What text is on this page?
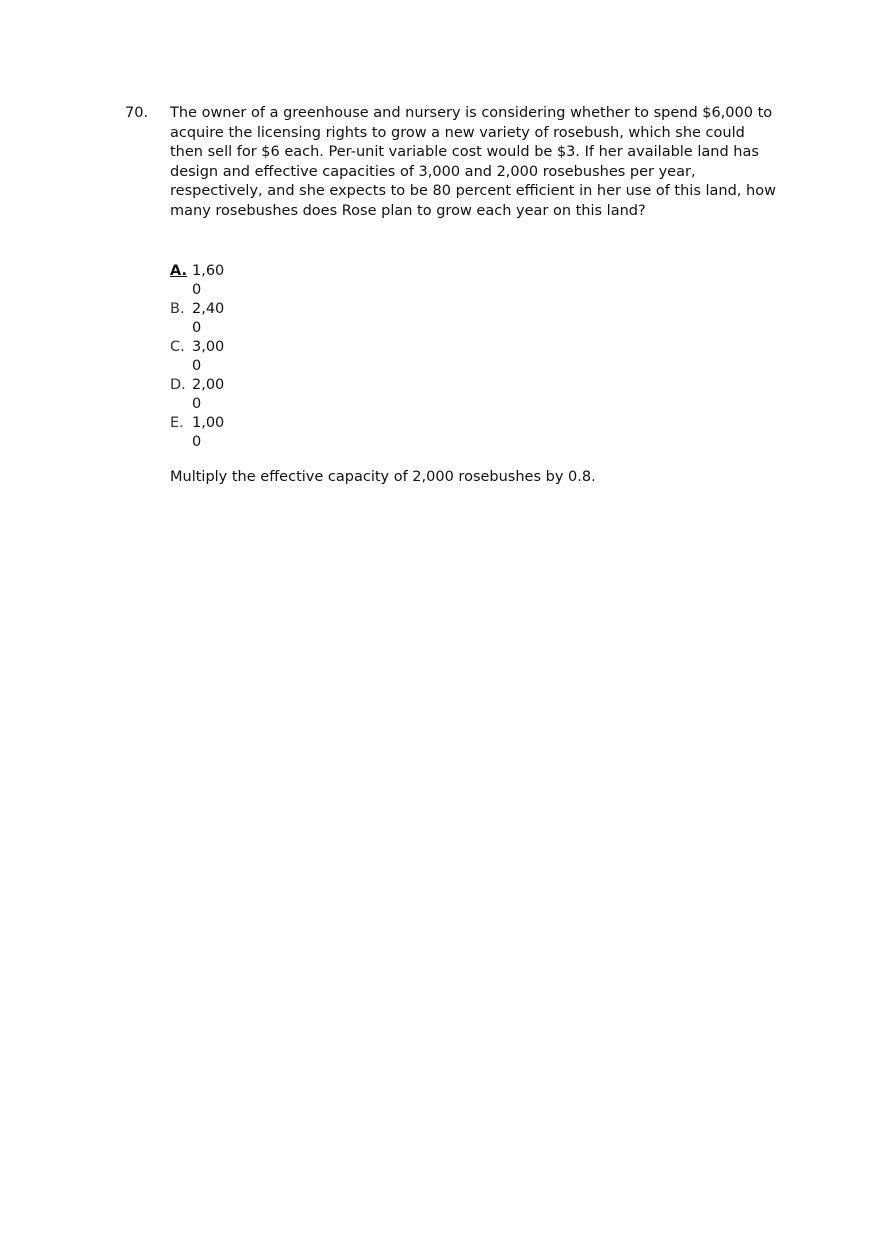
70. The owner of a greenhouse and nursery is considering whether to spend $6,000 to acquire the licensing rights to grow a new variety of rosebush, which she could then sell for $6 each. Per-unit variable cost would be $3. If her available land has design and effective capacities of 3,000 and 2,000 rosebushes per year, respectively, and she expects to be 80 percent efficient in her use of this land, how many rosebushes does Rose plan to grow each year on this land?
A. 1,600
B. 2,400
C. 3,000
D. 2,000
E. 1,000
Multiply the effective capacity of 2,000 rosebushes by 0.8.
